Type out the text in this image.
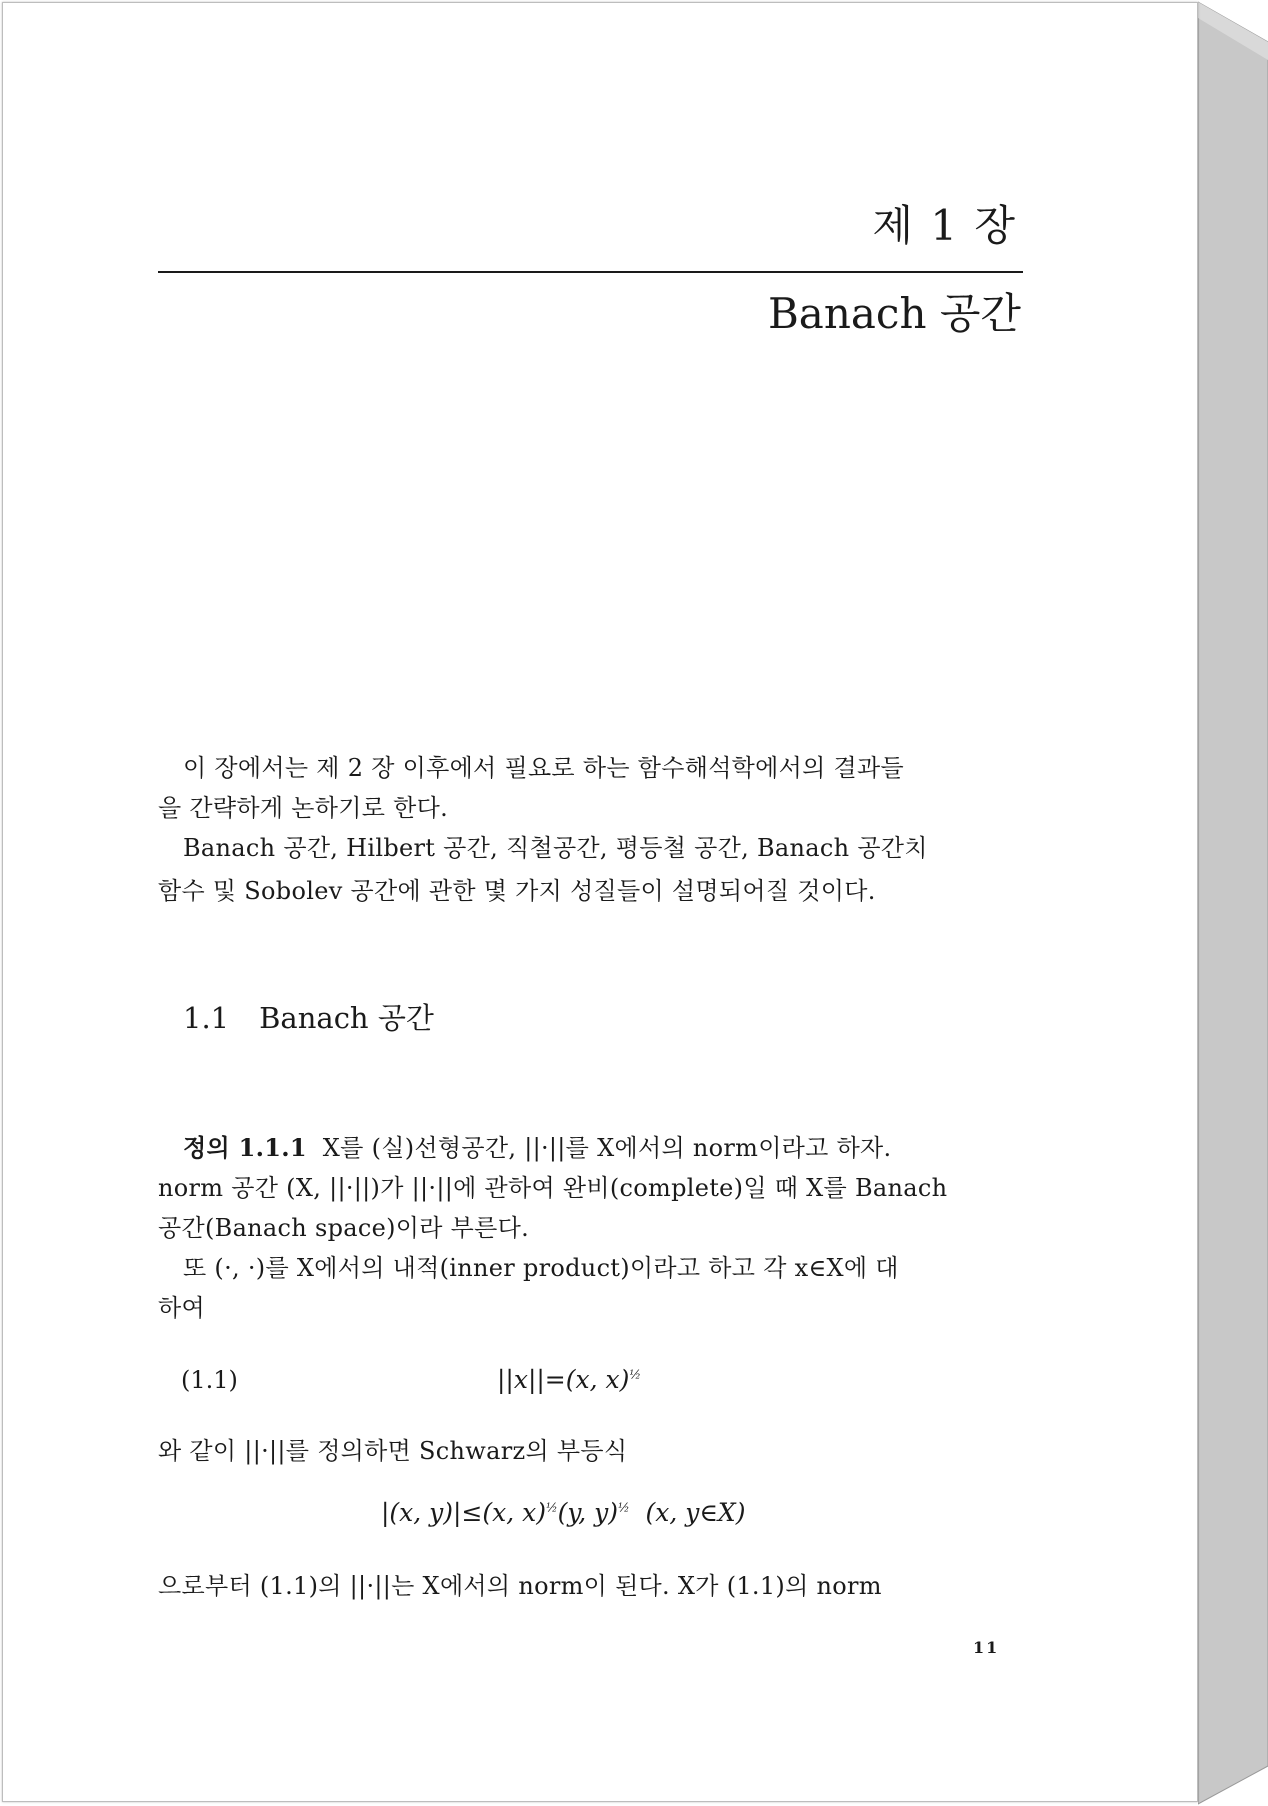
제 1 장
Banach 공간
이 장에서는 제 2 장 이후에서 필요로 하는 함수해석학에서의 결과들
을 간략하게 논하기로 한다.
Banach 공간, Hilbert 공간, 직철공간, 평등철 공간, Banach 공간치
함수 및 Sobolev 공간에 관한 몇 가지 성질들이 설명되어질 것이다.
1.1 Banach 공간
정의 1.1.1 X를 (실)선형공간, ||·||를 X에서의 norm이라고 하자.
norm 공간 (X, ||·||)가 ||·||에 관하여 완비(complete)일 때 X를 Banach
공간(Banach space)이라 부른다.
또 (·, ·)를 X에서의 내적(inner product)이라고 하고 각 x∈X에 대
하여
(1.1)	||x||=(x, x)$^{\frac{1}{2}}$
와 같이 ||·||를 정의하면 Schwarz의 부등식
|(x, y)|≤(x, x)$^{\frac{1}{2}}$(y, y)$^{\frac{1}{2}}$  (x, y∈X)
으로부터 (1.1)의 ||·||는 X에서의 norm이 된다. X가 (1.1)의 norm
11
